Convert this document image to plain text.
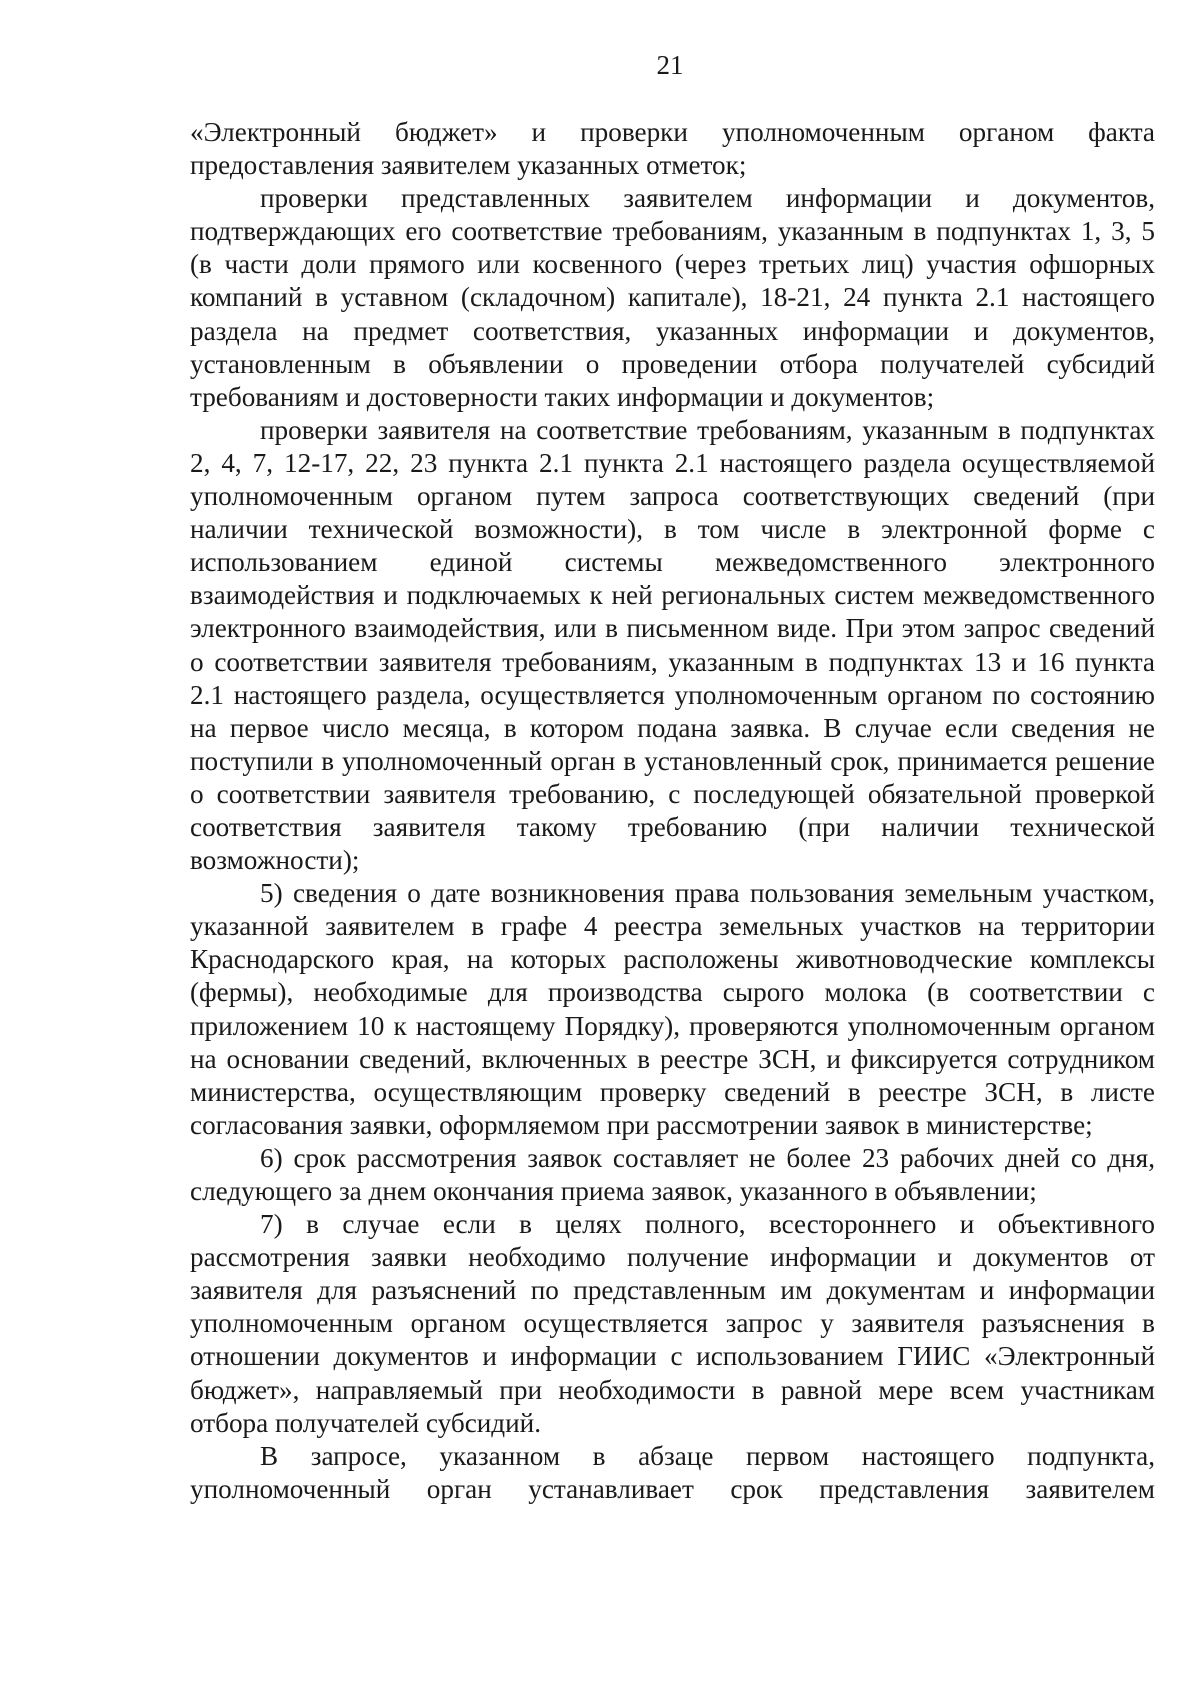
21

«Электронный бюджет» и проверки уполномоченным органом факта предоставления заявителем указанных отметок;

проверки представленных заявителем информации и документов, подтверждающих его соответствие требованиям, указанным в подпунктах 1, 3, 5 (в части доли прямого или косвенного (через третьих лиц) участия офшорных компаний в уставном (складочном) капитале), 18-21, 24 пункта 2.1 настоящего раздела на предмет соответствия, указанных информации и документов, установленным в объявлении о проведении отбора получателей субсидий требованиям и достоверности таких информации и документов;

проверки заявителя на соответствие требованиям, указанным в подпунктах 2, 4, 7, 12-17, 22, 23 пункта 2.1 пункта 2.1 настоящего раздела осуществляемой уполномоченным органом путем запроса соответствующих сведений (при наличии технической возможности), в том числе в электронной форме с использованием единой системы межведомственного электронного взаимодействия и подключаемых к ней региональных систем межведомственного электронного взаимодействия, или в письменном виде. При этом запрос сведений о соответствии заявителя требованиям, указанным в подпунктах 13 и 16 пункта 2.1 настоящего раздела, осуществляется уполномоченным органом по состоянию на первое число месяца, в котором подана заявка. В случае если сведения не поступили в уполномоченный орган в установленный срок, принимается решение о соответствии заявителя требованию, с последующей обязательной проверкой соответствия заявителя такому требованию (при наличии технической возможности);

5) сведения о дате возникновения права пользования земельным участком, указанной заявителем в графе 4 реестра земельных участков на территории Краснодарского края, на которых расположены животноводческие комплексы (фермы), необходимые для производства сырого молока (в соответствии с приложением 10 к настоящему Порядку), проверяются уполномоченным органом на основании сведений, включенных в реестре ЗСН, и фиксируется сотрудником министерства, осуществляющим проверку сведений в реестре ЗСН, в листе согласования заявки, оформляемом при рассмотрении заявок в министерстве;

6) срок рассмотрения заявок составляет не более 23 рабочих дней со дня, следующего за днем окончания приема заявок, указанного в объявлении;

7) в случае если в целях полного, всестороннего и объективного рассмотрения заявки необходимо получение информации и документов от заявителя для разъяснений по представленным им документам и информации уполномоченным органом осуществляется запрос у заявителя разъяснения в отношении документов и информации с использованием ГИИС «Электронный бюджет», направляемый при необходимости в равной мере всем участникам отбора получателей субсидий.

В запросе, указанном в абзаце первом настоящего подпункта, уполномоченный орган устанавливает срок представления заявителем
